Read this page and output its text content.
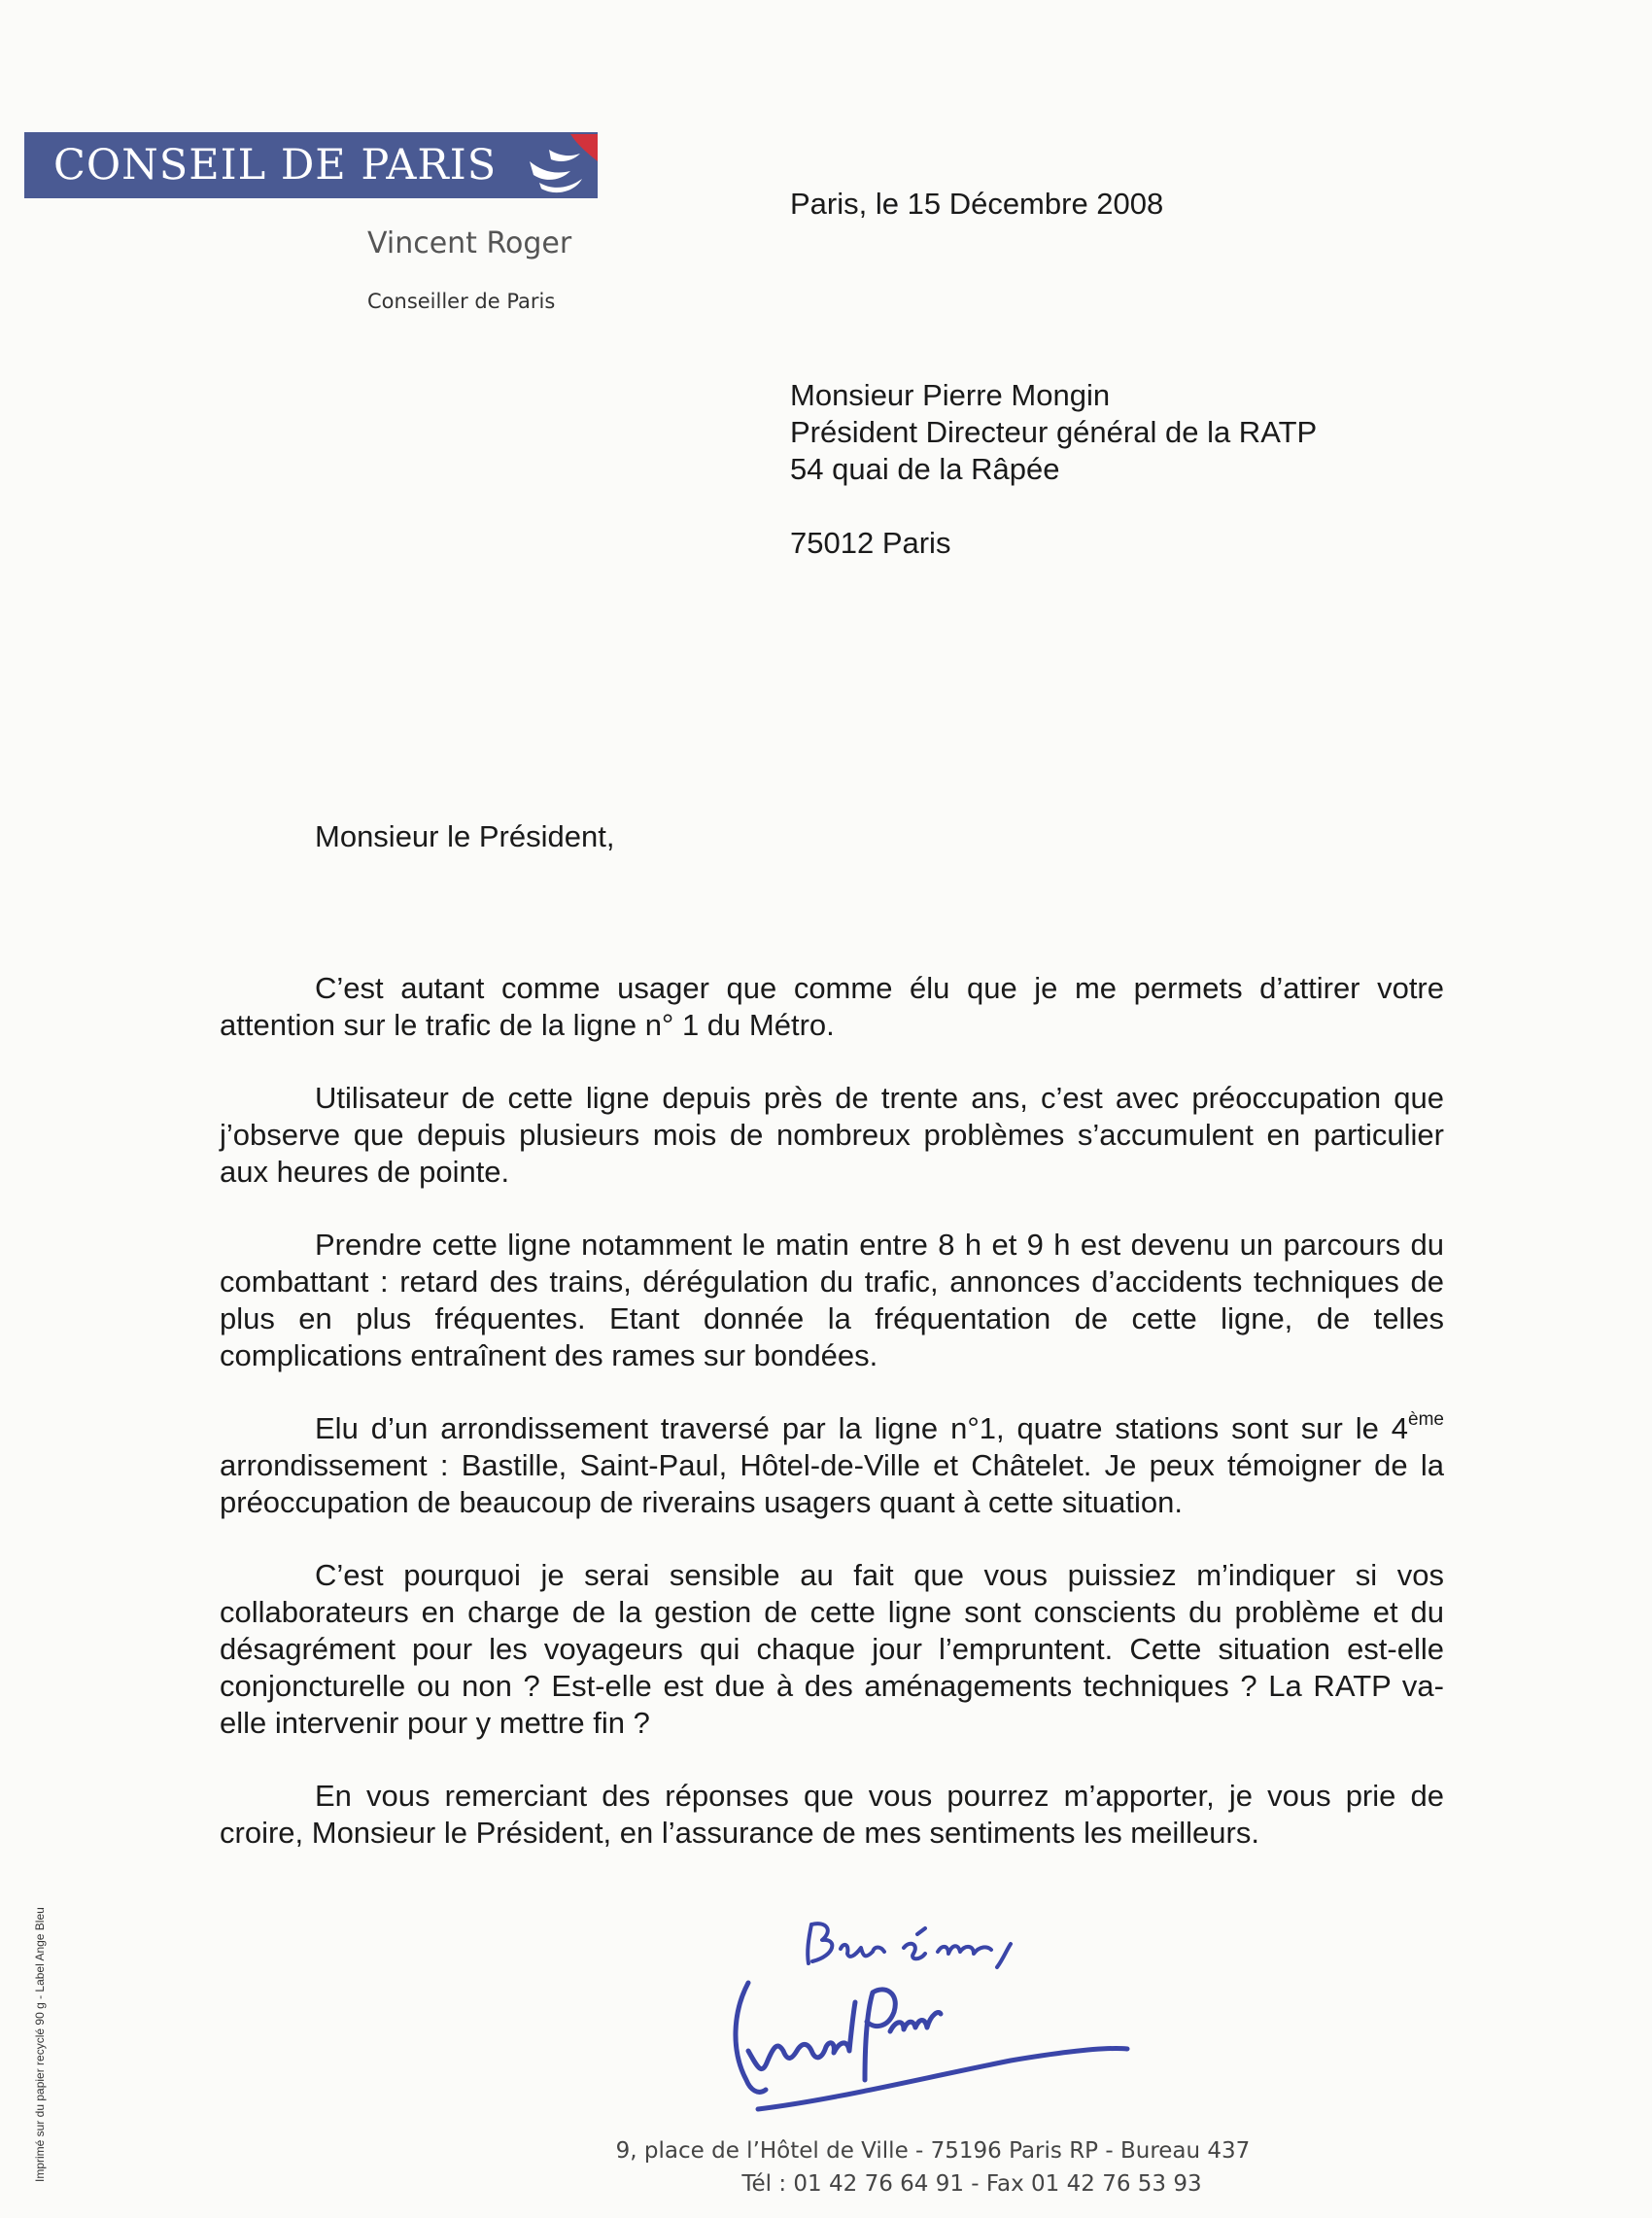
CONSEIL DE PARIS
Vincent Roger
Conseiller de Paris
Paris, le 15 Décembre 2008
Monsieur Pierre Mongin
Président Directeur général de la RATP
54 quai de la Râpée
75012 Paris
Monsieur le Président,

C’est autant comme usager que comme élu que je me permets d’attirer votre attention sur le trafic de la ligne n° 1 du Métro.

Utilisateur de cette ligne depuis près de trente ans, c’est avec préoccupation que j’observe que depuis plusieurs mois de nombreux problèmes s’accumulent en particulier aux heures de pointe.

Prendre cette ligne notamment le matin entre 8 h et 9 h est devenu un parcours du combattant : retard des trains, dérégulation du trafic, annonces d’accidents techniques de plus en plus fréquentes. Etant donnée la fréquentation de cette ligne, de telles complications entraînent des rames sur bondées.

Elu d’un arrondissement traversé par la ligne n°1, quatre stations sont sur le 4ème arrondissement : Bastille, Saint-Paul, Hôtel-de-Ville et Châtelet. Je peux témoigner de la préoccupation de beaucoup de riverains usagers quant à cette situation.

C’est pourquoi je serai sensible au fait que vous puissiez m’indiquer si vos collaborateurs en charge de la gestion de cette ligne sont conscients du problème et du désagrément pour les voyageurs qui chaque jour l’empruntent. Cette situation est-elle conjoncturelle ou non ? Est-elle est due à des aménagements techniques ? La RATP va-elle intervenir pour y mettre fin ?

En vous remerciant des réponses que vous pourrez m’apporter, je vous prie de croire, Monsieur le Président, en l’assurance de mes sentiments les meilleurs.

9, place de l’Hôtel de Ville - 75196 Paris RP - Bureau 437
Tél : 01 42 76 64 91 - Fax 01 42 76 53 93
Imprimé sur du papier recyclé 90 g - Label Ange Bleu
